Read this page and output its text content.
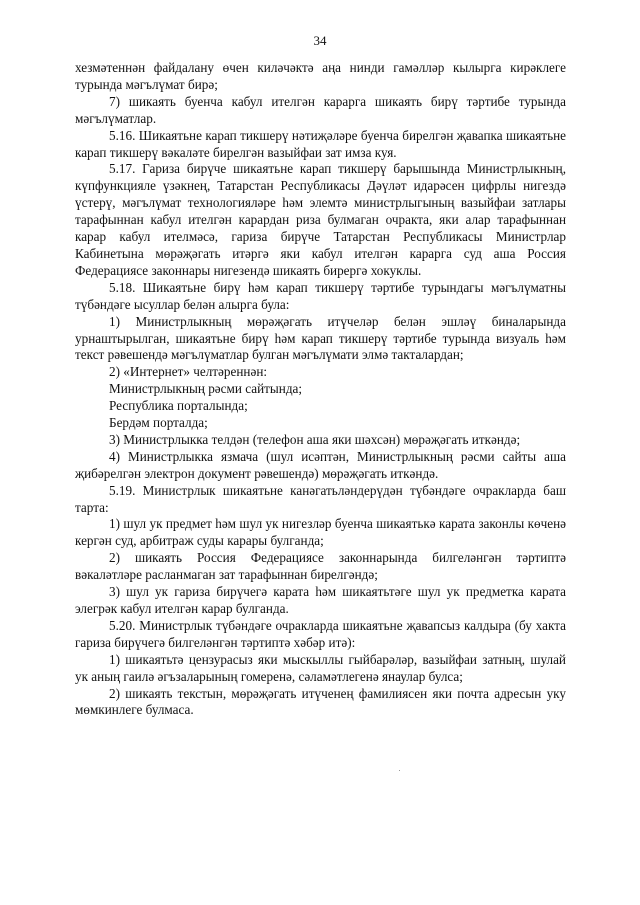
34

хезмәтеннән файдалану өчен киләчәктә аңа нинди гамәлләр кылырга кирәклеге турында мәгълүмат бирә;

7) шикаять буенча кабул ителгән карарга шикаять бирү тәртибе турында мәгълүматлар.

5.16. Шикаятьне карап тикшерү нәтиҗәләре буенча бирелгән җавапка шикаятьне карап тикшерү вәкаләте бирелгән вазыйфаи зат имза куя.

5.17. Гариза бирүче шикаятьне карап тикшерү барышында Министрлыкның, күпфункцияле үзәкнең, Татарстан Республикасы Дәүләт идарәсен цифрлы нигездә үстерү, мәгълүмат технологияләре һәм элемтә министрлыгының вазыйфаи затлары тарафыннан кабул ителгән карардан риза булмаган очракта, яки алар тарафыннан карар кабул ителмәсә, гариза бирүче Татарстан Республикасы Министрлар Кабинетына мөрәҗәгать итәргә яки кабул ителгән карарга суд аша Россия Федерациясе законнары нигезендә шикаять бирергә хокуклы.

5.18. Шикаятьне бирү һәм карап тикшерү тәртибе турындагы мәгълүматны түбәндәге ысуллар белән алырга була:

1) Министрлыкның мөрәҗәгать итүчеләр белән эшләү биналарында урнаштырылган, шикаятьне бирү һәм карап тикшерү тәртибе турында визуаль һәм текст рәвешендә мәгълүматлар булган мәгълүмати элмә такталардан;

2) «Интернет» челтәреннән:

Министрлыкның рәсми сайтында;

Республика порталында;

Бердәм порталда;

3) Министрлыкка телдән (телефон аша яки шәхсән) мөрәҗәгать иткәндә;

4) Министрлыкка язмача (шул исәптән, Министрлыкның рәсми сайты аша җибәрелгән электрон документ рәвешендә) мөрәҗәгать иткәндә.

5.19. Министрлык шикаятьне канәгатьләндерүдән түбәндәге очракларда баш тарта:

1) шул ук предмет һәм шул ук нигезләр буенча шикаятькә карата законлы көченә кергән суд, арбитраж суды карары булганда;

2) шикаять Россия Федерациясе законнарында билгеләнгән тәртиптә вәкаләтләре расланмаган зат тарафыннан бирелгәндә;

3) шул ук гариза бирүчегә карата һәм шикаятьтәге шул ук предметка карата элегрәк кабул ителгән карар булганда.

5.20. Министрлык түбәндәге очракларда шикаятьне җавапсыз калдыра (бу хакта гариза бирүчегә билгеләнгән тәртиптә хәбәр итә):

1) шикаятьтә цензурасыз яки мыскыллы гыйбарәләр, вазыйфаи затның, шулай ук аның гаилә әгъзаларының гомеренә, сәламәтлегенә янаулар булса;

2) шикаять текстын, мөрәҗәгать итүченең фамилиясен яки почта адресын уку мөмкинлеге булмаса.
